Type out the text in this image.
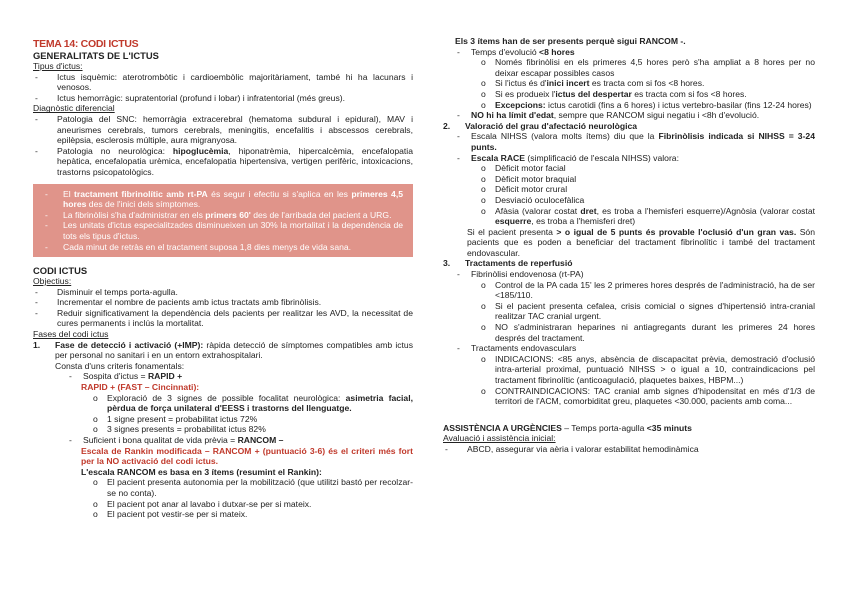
TEMA 14: CODI ICTUS
GENERALITATS DE L'ICTUS
Tipus d'ictus:
-	Ictus isquèmic: aterotrombòtic i cardioembòlic majoritàriament, també hi ha lacunars i venosos.
-	Ictus hemorràgic: supratentorial (profund i lobar) i infratentorial (més greus).
Diagnòstic diferencial
-	Patologia del SNC: hemorràgia extracerebral (hematoma subdural i epidural), MAV i aneurismes cerebrals, tumors cerebrals, meningitis, encefalitis i abscessos cerebrals, epilèpsia, esclerosis múltiple, aura migranyosa.
-	Patologia no neurològica: hipoglucèmia, hiponatrèmia, hipercalcèmia, encefalopatia hepàtica, encefalopatia urèmica, encefalopatia hipertensiva, vertigen perifèric, intoxicacions, trastorns psicopatològics.
-	El tractament fibrinolític amb rt-PA és segur i efectiu si s'aplica en les primeres 4,5 hores des de l'inici dels símptomes.
-	La fibrinòlisi s'ha d'administrar en els primers 60' des de l'arribada del pacient a URG.
-	Les unitats d'ictus especialitzades disminueixen un 30% la mortalitat i la dependència de tots els tipus d'ictus.
-	Cada minut de retràs en el tractament suposa 1,8 dies menys de vida sana.
CODI ICTUS
Objectius:
-	Disminuir el temps porta-agulla.
-	Incrementar el nombre de pacients amb ictus tractats amb fibrinòlisis.
-	Reduir significativament la dependència dels pacients per realitzar les AVD, la necessitat de cures permanents i inclús la mortalitat.
Fases del codi ictus
1.	Fase de detecció i activació (+IMP): ràpida detecció de símptomes compatibles amb ictus per personal no sanitari i en un entorn extrahospitalari.
Consta d'uns criteris fonamentals:
-	Sospita d'ictus = RAPID +
RAPID + (FAST – Cincinnati):
o	Exploració de 3 signes de possible focalitat neurològica: asimetria facial, pèrdua de força unilateral d'EESS i trastorns del llenguatge.
o	1 signe present = probabilitat ictus 72%
o	3 signes presents = probabilitat ictus 82%
-	Suficient i bona qualitat de vida prèvia = RANCOM –
Escala de Rankin modificada – RANCOM + (puntuació 3-6) és el criteri més fort per la NO activació del codi ictus.
L'escala RANCOM es basa en 3 ítems (resumint el Rankin):
o	El pacient presenta autonomia per la mobilització (que utilitzi bastó per recolzar-se no conta).
o	El pacient pot anar al lavabo i dutxar-se per si mateix.
o	El pacient pot vestir-se per si mateix.
Els 3 ítems han de ser presents perquè sigui RANCOM -.
-	Temps d'evolució <8 hores
o	Només fibrinòlisi en els primeres 4,5 hores però s'ha ampliat a 8 hores per no deixar escapar possibles casos
o	Si l'ictus és d'inici incert es tracta com si fos <8 hores.
o	Si es produeix l'ictus del despertar es tracta com si fos <8 hores.
o	Excepcions: ictus carotidi (fins a 6 hores) i ictus vertebro-basilar (fins 12-24 hores)
-	NO hi ha límit d'edat, sempre que RANCOM sigui negatiu i <8h d'evolució.
2.	Valoració del grau d'afectació neurològica
-	Escala NIHSS (valora molts ítems) diu que la Fibrinòlisis indicada si NIHSS = 3-24 punts.
-	Escala RACE (simplificació de l'escala NIHSS) valora:
o	Dèficit motor facial
o	Dèficit motor braquial
o	Dèficit motor crural
o	Desviació oculocefàlica
o	Afàsia (valorar costat dret, es troba a l'hemisferi esquerre)/Agnòsia (valorar costat esquerre, es troba a l'hemisferi dret)
Si el pacient presenta > o igual de 5 punts és provable l'oclusió d'un gran vas. Són pacients que es poden a beneficiar del tractament fibrinolític i també del tractament endovascular.
3.	Tractaments de reperfusió
-	Fibrinòlisi endovenosa (rt-PA)
o	Control de la PA cada 15' les 2 primeres hores després de l'administració, ha de ser <185/110.
o	Si el pacient presenta cefalea, crisis comicial o signes d'hipertensió intra-cranial realitzar TAC cranial urgent.
o	NO s'administraran heparines ni antiagregants durant les primeres 24 hores després del tractament.
-	Tractaments endovasculars
o	INDICACIONS: <85 anys, absència de discapacitat prèvia, demostració d'oclusió intra-arterial proximal, puntuació NIHSS > o igual a 10, contraindicacions pel tractament fibrinolític (anticoagulació, plaquetes baixes, HBPM...)
o	CONTRAINDICACIONS: TAC cranial amb signes d'hipodensitat en més d'1/3 de territori de l'ACM, comorbiditat greu, plaquetes <30.000, pacients amb coma...
ASSISTÈNCIA A URGÈNCIES – Temps porta-agulla <35 minuts
Avaluació i assistència inicial:
-	ABCD, assegurar via aèria i valorar estabilitat hemodinàmica
